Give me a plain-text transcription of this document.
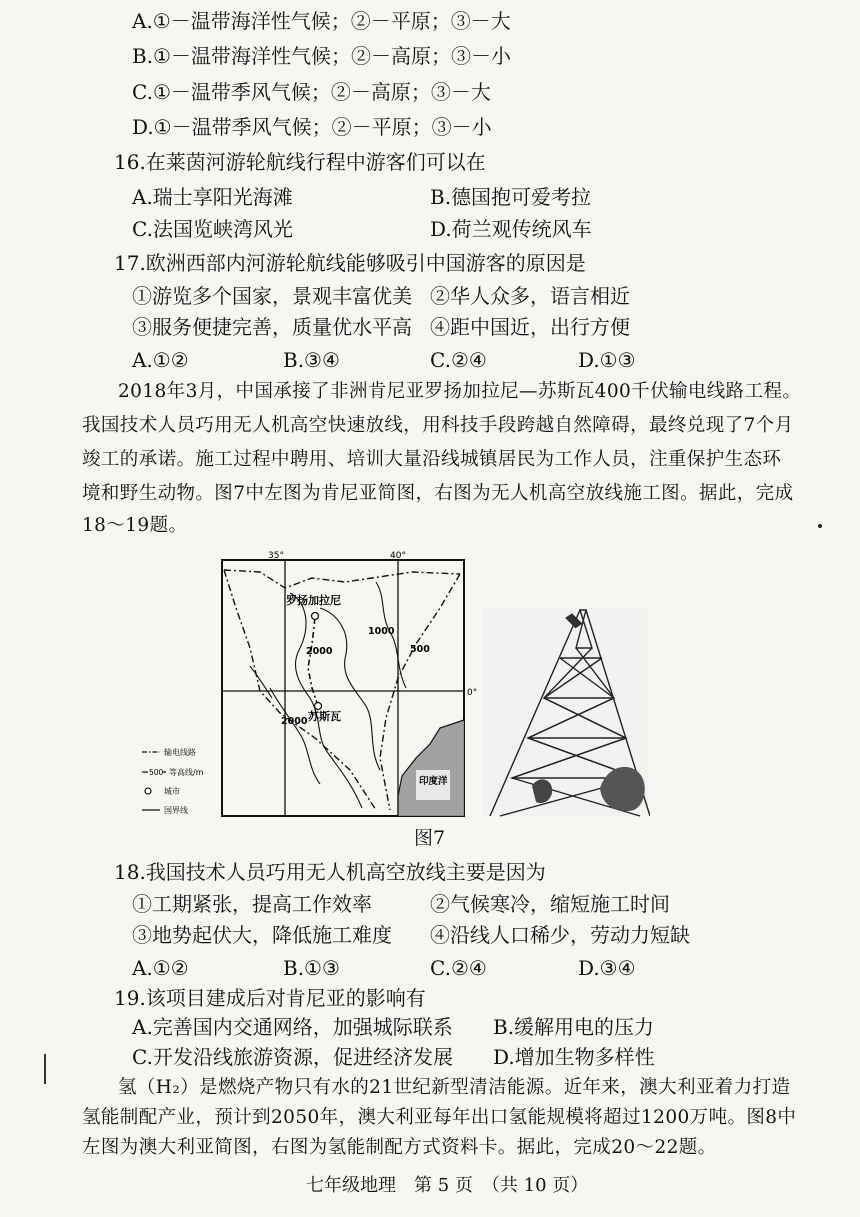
A.①－温带海洋性气候；②－平原；③－大
B.①－温带海洋性气候；②－高原；③－小
C.①－温带季风气候；②－高原；③－大
D.①－温带季风气候；②－平原；③－小
16.在莱茵河游轮航线行程中游客们可以在
A.瑞士享阳光海滩	B.德国抱可爱考拉
C.法国览峡湾风光	D.荷兰观传统风车
17.欧洲西部内河游轮航线能够吸引中国游客的原因是
①游览多个国家，景观丰富优美 ②华人众多，语言相近
③服务便捷完善，质量优水平高 ④距中国近，出行方便
A.①②	B.③④	C.②④	D.①③
2018年3月，中国承接了非洲肯尼亚罗扬加拉尼—苏斯瓦400千伏输电线路工程。
我国技术人员巧用无人机高空快速放线，用科技手段跨越自然障碍，最终兑现了7个月
竣工的承诺。施工过程中聘用、培训大量沿线城镇居民为工作人员，注重保护生态环
境和野生动物。图7中左图为肯尼亚简图，右图为无人机高空放线施工图。据此，完成
18～19题。
35°	40°
0°
罗扬加拉尼
苏斯瓦
2000
1000
500
2000
印度洋
输电线路
500 等高线/m
城市
国界线
图7
18.我国技术人员巧用无人机高空放线主要是因为
①工期紧张，提高工作效率	②气候寒冷，缩短施工时间
③地势起伏大，降低施工难度 ④沿线人口稀少，劳动力短缺
A.①②	B.①③	C.②④	D.③④
19.该项目建成后对肯尼亚的影响有
A.完善国内交通网络，加强城际联系 B.缓解用电的压力
C.开发沿线旅游资源，促进经济发展 D.增加生物多样性
氢（H₂）是燃烧产物只有水的21世纪新型清洁能源。近年来，澳大利亚着力打造
氢能制配产业，预计到2050年，澳大利亚每年出口氢能规模将超过1200万吨。图8中
左图为澳大利亚简图，右图为氢能制配方式资料卡。据此，完成20～22题。
七年级地理　第 5 页　（共 10 页）
